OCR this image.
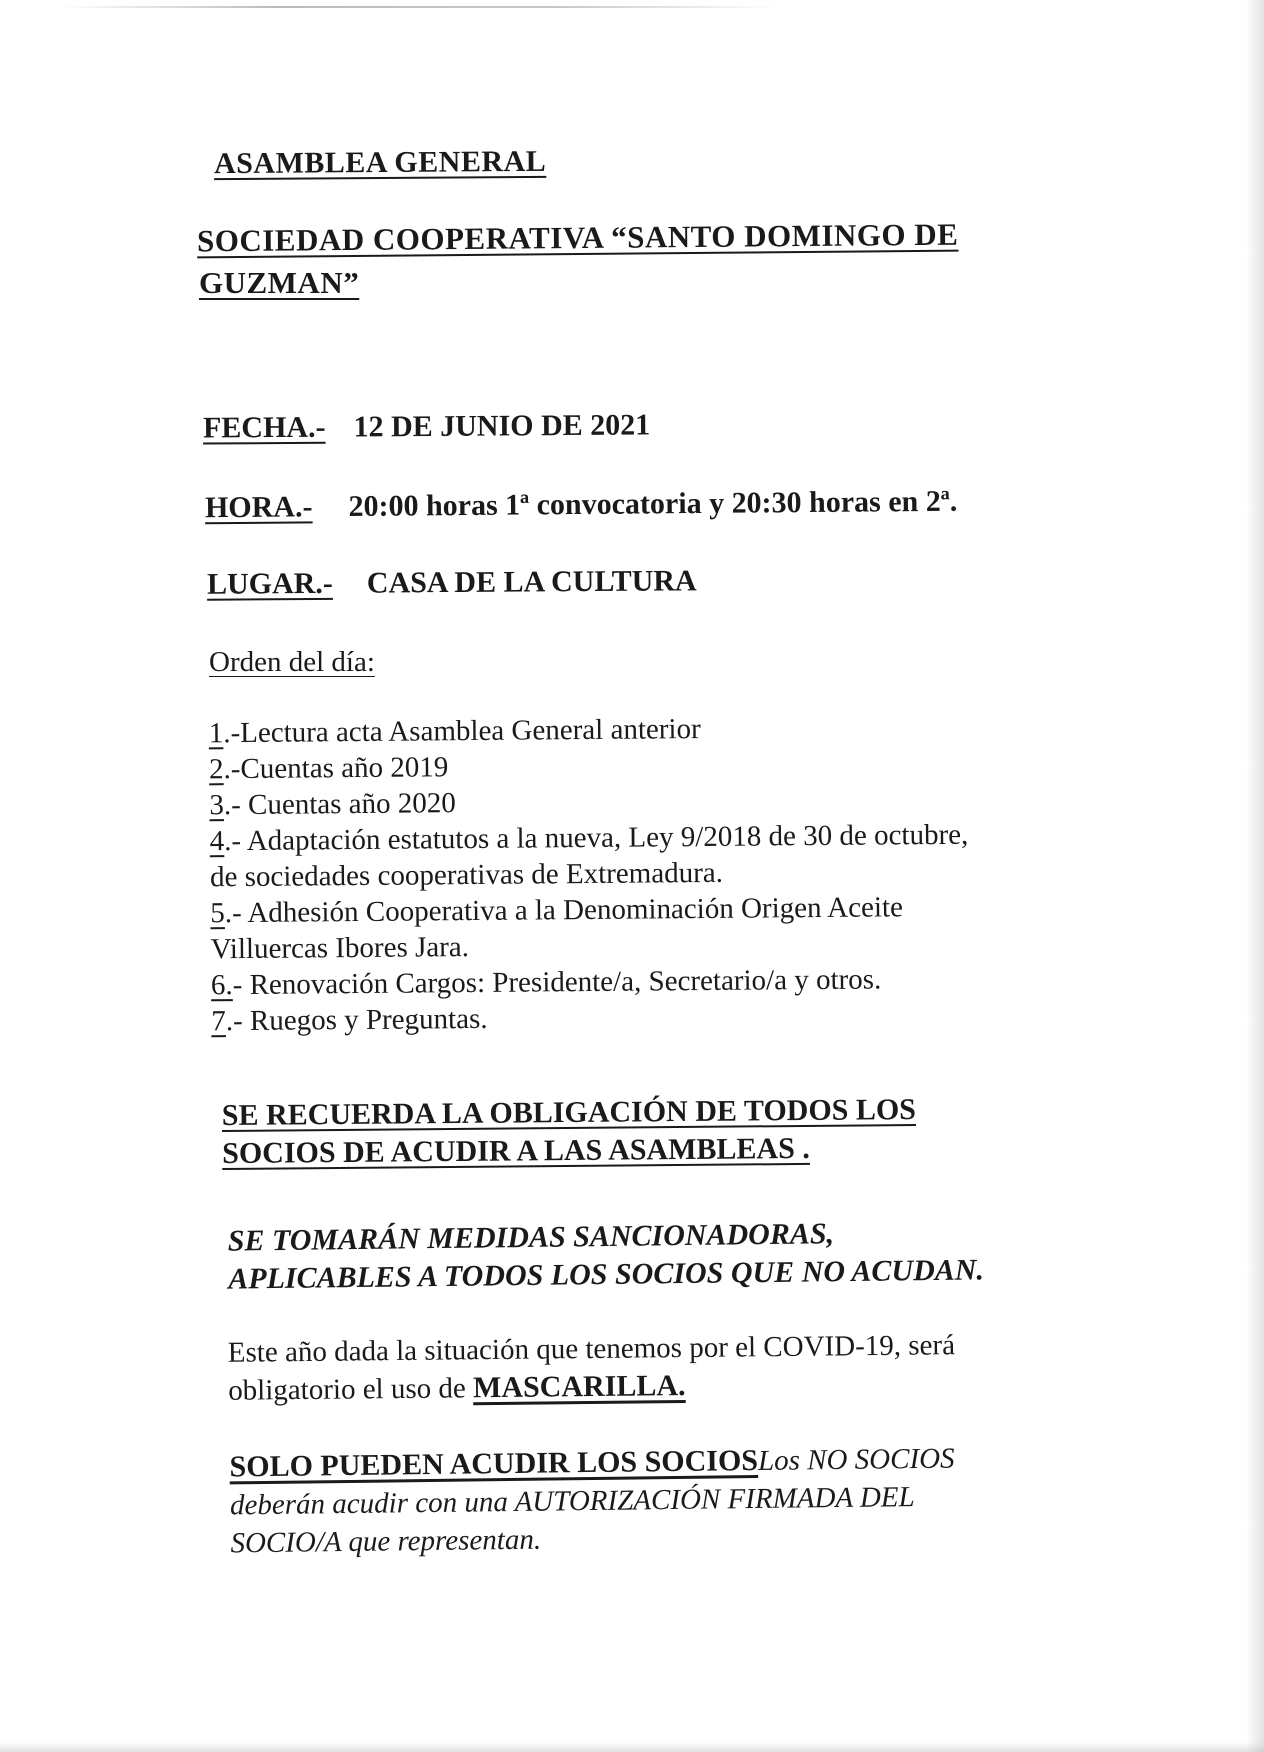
ASAMBLEA GENERAL
SOCIEDAD COOPERATIVA “SANTO DOMINGO DE
GUZMAN”
FECHA.- 12 DE JUNIO DE 2021
HORA.- 20:00 horas 1ª convocatoria y 20:30 horas en 2ª.
LUGAR.- CASA DE LA CULTURA
Orden del día:
1.-Lectura acta Asamblea General anterior
2.-Cuentas año 2019
3.- Cuentas año 2020
4.- Adaptación estatutos a la nueva, Ley 9/2018 de 30 de octubre,
de sociedades cooperativas de Extremadura.
5.- Adhesión Cooperativa a la Denominación Origen Aceite
Villuercas Ibores Jara.
6.- Renovación Cargos: Presidente/a, Secretario/a y otros.
7.- Ruegos y Preguntas.
SE RECUERDA LA OBLIGACIÓN DE TODOS LOS
SOCIOS DE ACUDIR A LAS ASAMBLEAS .
SE TOMARÁN MEDIDAS SANCIONADORAS,
APLICABLES A TODOS LOS SOCIOS QUE NO ACUDAN.
Este año dada la situación que tenemos por el COVID-19, será
obligatorio el uso de MASCARILLA.
SOLO PUEDEN ACUDIR LOS SOCIOSLos NO SOCIOS
deberán acudir con una AUTORIZACIÓN FIRMADA DEL
SOCIO/A que representan.
